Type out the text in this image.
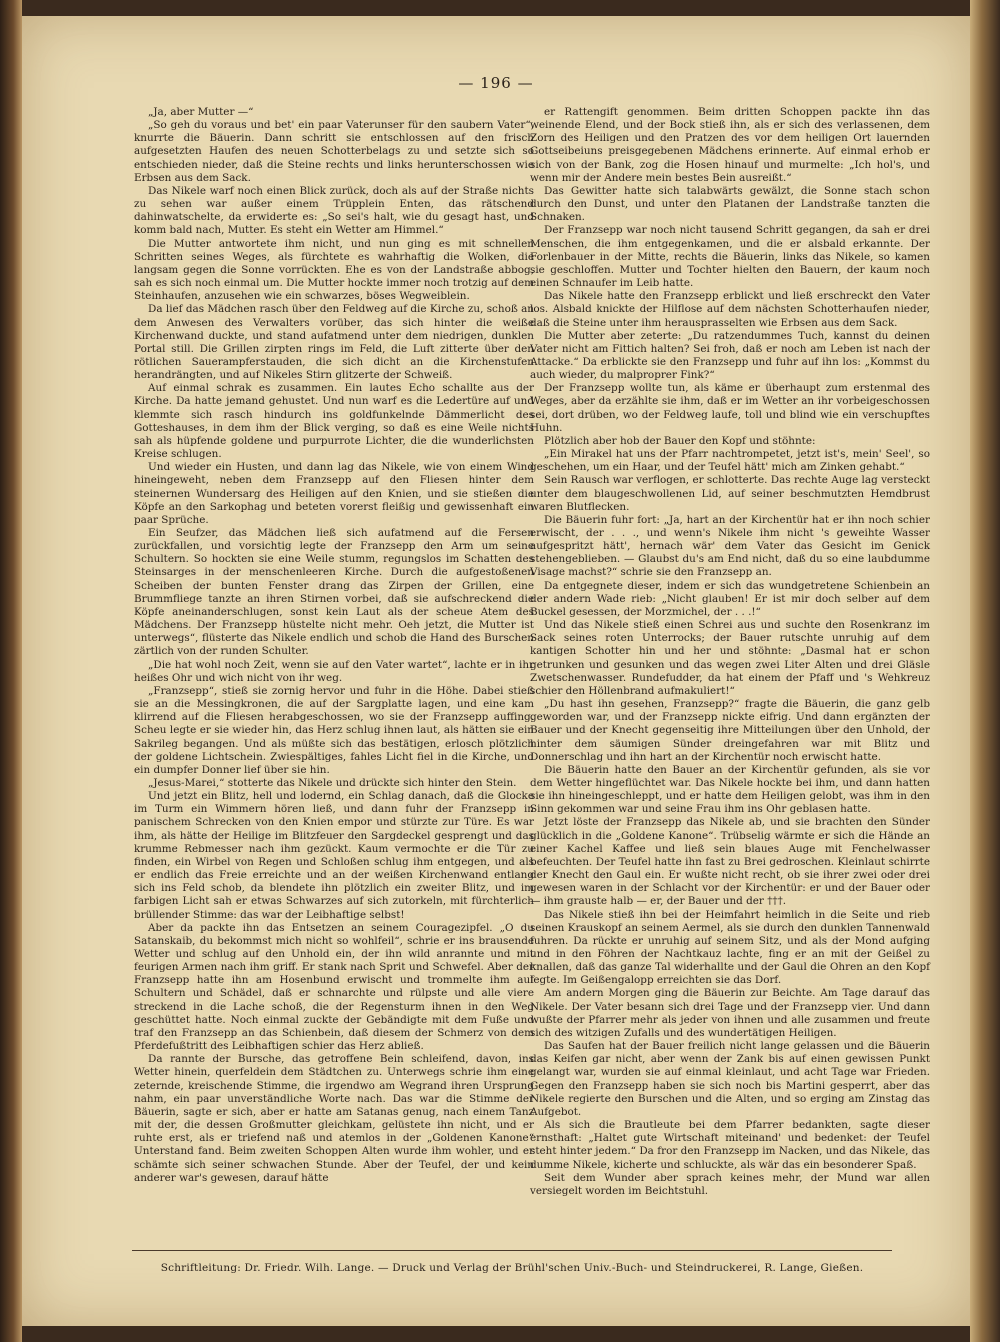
— 196 —

„Ja, aber Mutter —“

„So geh du voraus und bet' ein paar Vaterunser für den saubern Vater“, knurrte die Bäuerin. Dann schritt sie entschlossen auf den frisch aufgesetzten Haufen des neuen Schotterbelags zu und setzte sich so entschieden nieder, daß die Steine rechts und links herunterschossen wie Erbsen aus dem Sack.

Das Nikele warf noch einen Blick zurück, doch als auf der Straße nichts zu sehen war außer einem Trüpplein Enten, das rätschend dahinwatschelte, da erwiderte es: „So sei's halt, wie du gesagt hast, und komm bald nach, Mutter. Es steht ein Wetter am Himmel.“

Die Mutter antwortete ihm nicht, und nun ging es mit schnellen Schritten seines Weges, als fürchtete es wahrhaftig die Wolken, die langsam gegen die Sonne vorrückten. Ehe es von der Landstraße abbog, sah es sich noch einmal um. Die Mutter hockte immer noch trotzig auf dem Steinhaufen, anzusehen wie ein schwarzes, böses Wegweiblein.

Da lief das Mädchen rasch über den Feldweg auf die Kirche zu, schoß an dem Anwesen des Verwalters vorüber, das sich hinter die weiße Kirchenwand duckte, und stand aufatmend unter dem niedrigen, dunklen Portal still. Die Grillen zirpten rings im Feld, die Luft zitterte über den rötlichen Sauerampferstauden, die sich dicht an die Kirchenstufen herandrängten, und auf Nikeles Stirn glitzerte der Schweiß.

Auf einmal schrak es zusammen. Ein lautes Echo schallte aus der Kirche. Da hatte jemand gehustet. Und nun warf es die Ledertüre auf und klemmte sich rasch hindurch ins goldfunkelnde Dämmerlicht des Gotteshauses, in dem ihm der Blick verging, so daß es eine Weile nichts sah als hüpfende goldene und purpurrote Lichter, die die wunderlichsten Kreise schlugen.

Und wieder ein Husten, und dann lag das Nikele, wie von einem Wind hineingeweht, neben dem Franzsepp auf den Fliesen hinter dem steinernen Wundersarg des Heiligen auf den Knien, und sie stießen die Köpfe an den Sarkophag und beteten vorerst fleißig und gewissenhaft ein paar Sprüche.

Ein Seufzer, das Mädchen ließ sich aufatmend auf die Fersen zurückfallen, und vorsichtig legte der Franzsepp den Arm um seine Schultern. So hockten sie eine Weile stumm, regungslos im Schatten des Steinsarges in der menschenleeren Kirche. Durch die aufgestoßenen Scheiben der bunten Fenster drang das Zirpen der Grillen, eine Brummfliege tanzte an ihren Stirnen vorbei, daß sie aufschreckend die Köpfe aneinanderschlugen, sonst kein Laut als der scheue Atem des Mädchens. Der Franzsepp hüstelte nicht mehr. Oeh jetzt, die Mutter ist unterwegs“, flüsterte das Nikele endlich und schob die Hand des Burschen zärtlich von der runden Schulter.

„Die hat wohl noch Zeit, wenn sie auf den Vater wartet“, lachte er in ihr heißes Ohr und wich nicht von ihr weg.

„Franzsepp“, stieß sie zornig hervor und fuhr in die Höhe. Dabei stieß sie an die Messingkronen, die auf der Sargplatte lagen, und eine kam klirrend auf die Fliesen herabgeschossen, wo sie der Franzsepp auffing. Scheu legte er sie wieder hin, das Herz schlug ihnen laut, als hätten sie ein Sakrileg begangen. Und als müßte sich das bestätigen, erlosch plötzlich der goldene Lichtschein. Zwiespältiges, fahles Licht fiel in die Kirche, und ein dumpfer Donner lief über sie hin.

„Jesus-Marei,“ stotterte das Nikele und drückte sich hinter den Stein.

Und jetzt ein Blitz, hell und lodernd, ein Schlag danach, daß die Glocke im Turm ein Wimmern hören ließ, und dann fuhr der Franzsepp in panischem Schrecken von den Knien empor und stürzte zur Türe. Es war ihm, als hätte der Heilige im Blitzfeuer den Sargdeckel gesprengt und das krumme Rebmesser nach ihm gezückt. Kaum vermochte er die Tür zu finden, ein Wirbel von Regen und Schloßen schlug ihm entgegen, und als er endlich das Freie erreichte und an der weißen Kirchenwand entlang sich ins Feld schob, da blendete ihn plötzlich ein zweiter Blitz, und im farbigen Licht sah er etwas Schwarzes auf sich zutorkeln, mit fürchterlich brüllender Stimme: das war der Leibhaftige selbst!

Aber da packte ihn das Entsetzen an seinem Couragezipfel. „O du Satanskaib, du bekommst mich nicht so wohlfeil“, schrie er ins brausende Wetter und schlug auf den Unhold ein, der ihn wild anrannte und mit feurigen Armen nach ihm griff. Er stank nach Sprit und Schwefel. Aber der Franzsepp hatte ihn am Hosenbund erwischt und trommelte ihm auf Schultern und Schädel, daß er schnarchte und rülpste und alle viere streckend in die Lache schoß, die der Regensturm ihnen in den Weg geschüttet hatte. Noch einmal zuckte der Gebändigte mit dem Fuße und traf den Franzsepp an das Schienbein, daß diesem der Schmerz von dem Pferdefußtritt des Leibhaftigen schier das Herz abließ.

Da rannte der Bursche, das getroffene Bein schleifend, davon, ins Wetter hinein, querfeldein dem Städtchen zu. Unterwegs schrie ihm eine zeternde, kreischende Stimme, die irgendwo am Wegrand ihren Ursprung nahm, ein paar unverständliche Worte nach. Das war die Stimme der Bäuerin, sagte er sich, aber er hatte am Satanas genug, nach einem Tanz mit der, die dessen Großmutter gleichkam, gelüstete ihn nicht, und er ruhte erst, als er triefend naß und atemlos in der „Goldenen Kanone“ Unterstand fand. Beim zweiten Schoppen Alten wurde ihm wohler, und er schämte sich seiner schwachen Stunde. Aber der Teufel, der und kein anderer war's gewesen, darauf hätte

er Rattengift genommen. Beim dritten Schoppen packte ihn das weinende Elend, und der Bock stieß ihn, als er sich des verlassenen, dem Zorn des Heiligen und den Pratzen des vor dem heiligen Ort lauernden Gottseibeiuns preisgegebenen Mädchens erinnerte. Auf einmal erhob er sich von der Bank, zog die Hosen hinauf und murmelte: „Ich hol's, und wenn mir der Andere mein bestes Bein ausreißt.“

Das Gewitter hatte sich talabwärts gewälzt, die Sonne stach schon durch den Dunst, und unter den Platanen der Landstraße tanzten die Schnaken.

Der Franzsepp war noch nicht tausend Schritt gegangen, da sah er drei Menschen, die ihm entgegenkamen, und die er alsbald erkannte. Der Forlenbauer in der Mitte, rechts die Bäuerin, links das Nikele, so kamen sie geschloffen. Mutter und Tochter hielten den Bauern, der kaum noch einen Schnaufer im Leib hatte.

Das Nikele hatte den Franzsepp erblickt und ließ erschreckt den Vater los. Alsbald knickte der Hilflose auf dem nächsten Schotterhaufen nieder, daß die Steine unter ihm herausprasselten wie Erbsen aus dem Sack.

Die Mutter aber zeterte: „Du ratzendummes Tuch, kannst du deinen Vater nicht am Fittich halten? Sei froh, daß er noch am Leben ist nach der Attacke.“ Da erblickte sie den Franzsepp und fuhr auf ihn los: „Kommst du auch wieder, du malproprer Fink?“

Der Franzsepp wollte tun, als käme er überhaupt zum erstenmal des Weges, aber da erzählte sie ihm, daß er im Wetter an ihr vorbeigeschossen sei, dort drüben, wo der Feldweg laufe, toll und blind wie ein verschupftes Huhn.

Plötzlich aber hob der Bauer den Kopf und stöhnte:

„Ein Mirakel hat uns der Pfarr nachtrompetet, jetzt ist's, mein' Seel', so geschehen, um ein Haar, und der Teufel hätt' mich am Zinken gehabt.“

Sein Rausch war verflogen, er schlotterte. Das rechte Auge lag versteckt unter dem blaugeschwollenen Lid, auf seiner beschmutzten Hemdbrust waren Blutflecken.

Die Bäuerin fuhr fort: „Ja, hart an der Kirchentür hat er ihn noch schier erwischt, der . . ., und wenn's Nikele ihm nicht 's geweihte Wasser aufgespritzt hätt', hernach wär' dem Vater das Gesicht im Genick stehengeblieben. — Glaubst du's am End nicht, daß du so eine laubdumme Visage machst?“ schrie sie den Franzsepp an.

Da entgegnete dieser, indem er sich das wundgetretene Schienbein an der andern Wade rieb: „Nicht glauben! Er ist mir doch selber auf dem Buckel gesessen, der Morzmichel, der . . .!“

Und das Nikele stieß einen Schrei aus und suchte den Rosenkranz im Sack seines roten Unterrocks; der Bauer rutschte unruhig auf dem kantigen Schotter hin und her und stöhnte: „Dasmal hat er schon getrunken und gesunken und das wegen zwei Liter Alten und drei Gläsle Zwetschenwasser. Rundefudder, da hat einem der Pfaff und 's Wehkreuz schier den Höllenbrand aufmakuliert!“

„Du hast ihn gesehen, Franzsepp?“ fragte die Bäuerin, die ganz gelb geworden war, und der Franzsepp nickte eifrig. Und dann ergänzten der Bauer und der Knecht gegenseitig ihre Mitteilungen über den Unhold, der hinter dem säumigen Sünder dreingefahren war mit Blitz und Donnerschlag und ihn hart an der Kirchentür noch erwischt hatte.

Die Bäuerin hatte den Bauer an der Kirchentür gefunden, als sie vor dem Wetter hingeflüchtet war. Das Nikele hockte bei ihm, und dann hatten sie ihn hineingeschleppt, und er hatte dem Heiligen gelobt, was ihm in den Sinn gekommen war und seine Frau ihm ins Ohr geblasen hatte.

Jetzt löste der Franzsepp das Nikele ab, und sie brachten den Sünder glücklich in die „Goldene Kanone“. Trübselig wärmte er sich die Hände an einer Kachel Kaffee und ließ sein blaues Auge mit Fenchelwasser befeuchten. Der Teufel hatte ihn fast zu Brei gedroschen. Kleinlaut schirrte der Knecht den Gaul ein. Er wußte nicht recht, ob sie ihrer zwei oder drei gewesen waren in der Schlacht vor der Kirchentür: er und der Bauer oder — ihm grauste halb — er, der Bauer und der †††.

Das Nikele stieß ihn bei der Heimfahrt heimlich in die Seite und rieb seinen Krauskopf an seinem Aermel, als sie durch den dunklen Tannenwald fuhren. Da rückte er unruhig auf seinem Sitz, und als der Mond aufging und in den Föhren der Nachtkauz lachte, fing er an mit der Geißel zu knallen, daß das ganze Tal widerhallte und der Gaul die Ohren an den Kopf legte. Im Geißengalopp erreichten sie das Dorf.

Am andern Morgen ging die Bäuerin zur Beichte. Am Tage darauf das Nikele. Der Vater besann sich drei Tage und der Franzsepp vier. Und dann wußte der Pfarrer mehr als jeder von ihnen und alle zusammen und freute sich des witzigen Zufalls und des wundertätigen Heiligen.

Das Saufen hat der Bauer freilich nicht lange gelassen und die Bäuerin das Keifen gar nicht, aber wenn der Zank bis auf einen gewissen Punkt gelangt war, wurden sie auf einmal kleinlaut, und acht Tage war Frieden. Gegen den Franzsepp haben sie sich noch bis Martini gesperrt, aber das Nikele regierte den Burschen und die Alten, und so erging am Zinstag das Aufgebot.

Als sich die Brautleute bei dem Pfarrer bedankten, sagte dieser ernsthaft: „Haltet gute Wirtschaft miteinand' und bedenket: der Teufel steht hinter jedem.“ Da fror den Franzsepp im Nacken, und das Nikele, das dumme Nikele, kicherte und schluckte, als wär das ein besonderer Spaß.

Seit dem Wunder aber sprach keines mehr, der Mund war allen versiegelt worden im Beichtstuhl.

Schriftleitung: Dr. Friedr. Wilh. Lange. — Druck und Verlag der Brühl'schen Univ.-Buch- und Steindruckerei, R. Lange, Gießen.
